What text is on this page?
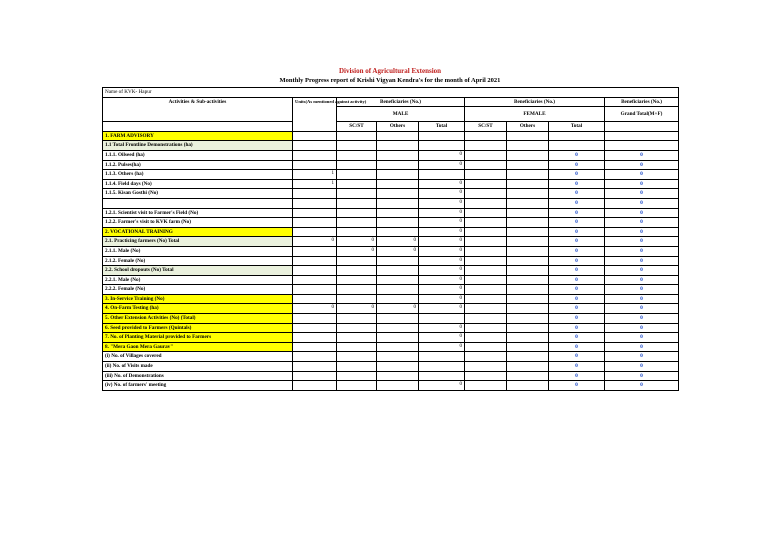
Division of Agricultural Extension
Monthly Progress report of Krishi Vigyan Kendra's for the month of April 2021
Name of KVK- Hapur								
Activities & Sub-activities	Units(As mentioned against activity)	Beneficiaries (No.)			Beneficiaries (No.)			Beneficiaries (No.)
		MALE			FEMALE			Grand Total(M+F)
		SC/ST	Others	Total	SC/ST	Others	Total	
1. FARM ADVISORY								
1.1 Total Frontline Demonstrations (ha)								
1.1.1. Oilseed (ha)				0			0	0
1.1.2. Pulses(ha)				0			0	0
1.1.3. Others (ha)	1						0	0
1.1.4. Field days (No)	1			0			0	0
1.1.5. Kisan Gosthi (No)				0			0	0
				0			0	0
1.2.1. Scientist visit to Farmer's Field (No)				0			0	0
1.2.2. Farmer's visit to KVK farm (No)				0			0	0
2. VOCATIONAL TRAINING				0			0	0
2.1. Practicing farmers (No) Total	0	0	0	0			0	0
2.1.1. Male (No)		0	0	0			0	0
2.1.2. Female (No)				0			0	0
2.2. School dropouts (No) Total				0			0	0
2.2.1. Male (No)				0			0	0
2.2.2. Female (No)				0			0	0
3. In-Service Training (No)				0			0	0
4. On-Farm Testing (ha)	0	0	0	0			0	0
5. Other Extension Activities (No) (Total)							0	0
6. Seed provided to Farmers (Quintals)				0			0	0
7. No. of Planting Material provided to Farmers				0			0	0
8. "Mera Gaon Mera Gaurav"				0			0	0
(i) No. of Villages covered							0	0
(ii) No. of Visits made							0	0
(iii) No. of Demonstrations							0	0
(iv) No. of farmers' meeting				0			0	0
